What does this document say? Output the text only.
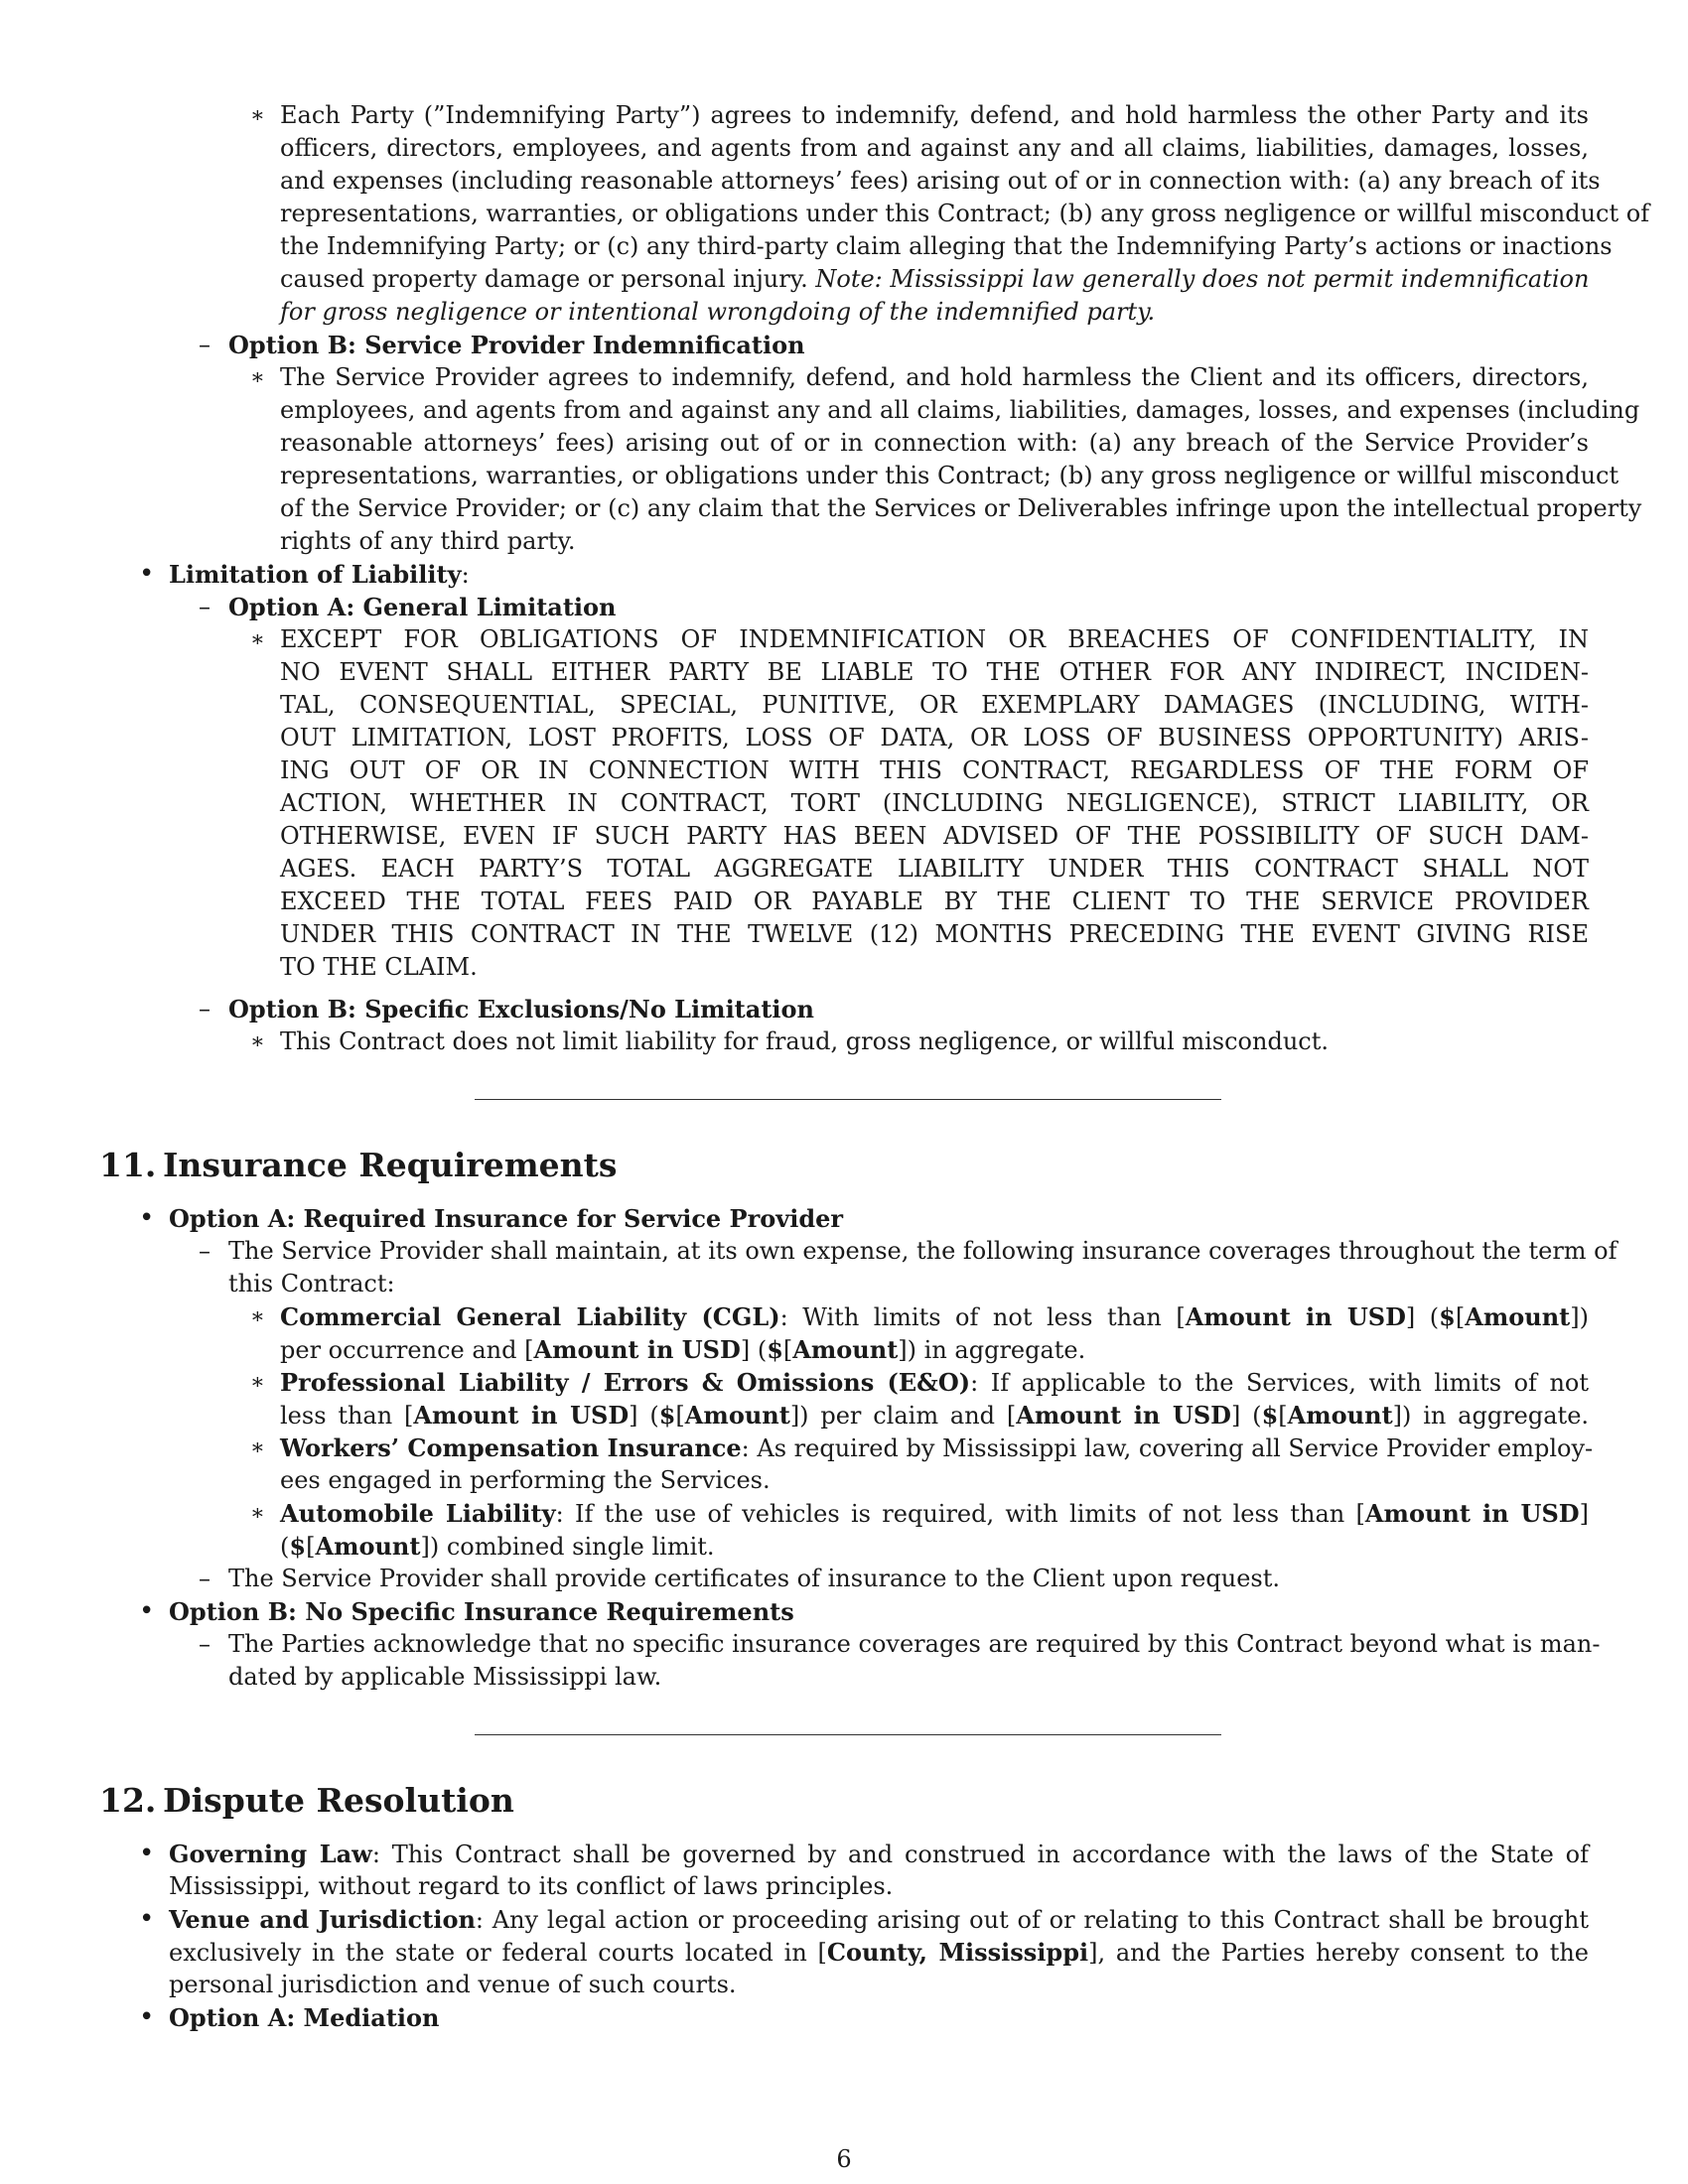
∗ Each Party (”Indemnifying Party”) agrees to indemnify, defend, and hold harmless the other Party and its
officers, directors, employees, and agents from and against any and all claims, liabilities, damages, losses,
and expenses (including reasonable attorneys’ fees) arising out of or in connection with: (a) any breach of its
representations, warranties, or obligations under this Contract; (b) any gross negligence or willful misconduct of
the Indemnifying Party; or (c) any third-party claim alleging that the Indemnifying Party’s actions or inactions
caused property damage or personal injury. Note: Mississippi law generally does not permit indemnification
for gross negligence or intentional wrongdoing of the indemnified party.
– Option B: Service Provider Indemnification
∗ The Service Provider agrees to indemnify, defend, and hold harmless the Client and its officers, directors,
employees, and agents from and against any and all claims, liabilities, damages, losses, and expenses (including
reasonable attorneys’ fees) arising out of or in connection with: (a) any breach of the Service Provider’s
representations, warranties, or obligations under this Contract; (b) any gross negligence or willful misconduct
of the Service Provider; or (c) any claim that the Services or Deliverables infringe upon the intellectual property
rights of any third party.
• Limitation of Liability:
– Option A: General Limitation
∗ EXCEPT FOR OBLIGATIONS OF INDEMNIFICATION OR BREACHES OF CONFIDENTIALITY, IN
NO EVENT SHALL EITHER PARTY BE LIABLE TO THE OTHER FOR ANY INDIRECT, INCIDEN-
TAL, CONSEQUENTIAL, SPECIAL, PUNITIVE, OR EXEMPLARY DAMAGES (INCLUDING, WITH-
OUT LIMITATION, LOST PROFITS, LOSS OF DATA, OR LOSS OF BUSINESS OPPORTUNITY) ARIS-
ING OUT OF OR IN CONNECTION WITH THIS CONTRACT, REGARDLESS OF THE FORM OF
ACTION, WHETHER IN CONTRACT, TORT (INCLUDING NEGLIGENCE), STRICT LIABILITY, OR
OTHERWISE, EVEN IF SUCH PARTY HAS BEEN ADVISED OF THE POSSIBILITY OF SUCH DAM-
AGES. EACH PARTY’S TOTAL AGGREGATE LIABILITY UNDER THIS CONTRACT SHALL NOT
EXCEED THE TOTAL FEES PAID OR PAYABLE BY THE CLIENT TO THE SERVICE PROVIDER
UNDER THIS CONTRACT IN THE TWELVE (12) MONTHS PRECEDING THE EVENT GIVING RISE
TO THE CLAIM.
– Option B: Specific Exclusions/No Limitation
∗ This Contract does not limit liability for fraud, gross negligence, or willful misconduct.
11. Insurance Requirements
• Option A: Required Insurance for Service Provider
– The Service Provider shall maintain, at its own expense, the following insurance coverages throughout the term of
this Contract:
∗ Commercial General Liability (CGL): With limits of not less than [Amount in USD] ($[Amount])
per occurrence and [Amount in USD] ($[Amount]) in aggregate.
∗ Professional Liability / Errors & Omissions (E&O): If applicable to the Services, with limits of not
less than [Amount in USD] ($[Amount]) per claim and [Amount in USD] ($[Amount]) in aggregate.
∗ Workers’ Compensation Insurance: As required by Mississippi law, covering all Service Provider employ-
ees engaged in performing the Services.
∗ Automobile Liability: If the use of vehicles is required, with limits of not less than [Amount in USD]
($[Amount]) combined single limit.
– The Service Provider shall provide certificates of insurance to the Client upon request.
• Option B: No Specific Insurance Requirements
– The Parties acknowledge that no specific insurance coverages are required by this Contract beyond what is man-
dated by applicable Mississippi law.
12. Dispute Resolution
• Governing Law: This Contract shall be governed by and construed in accordance with the laws of the State of
Mississippi, without regard to its conflict of laws principles.
• Venue and Jurisdiction: Any legal action or proceeding arising out of or relating to this Contract shall be brought
exclusively in the state or federal courts located in [County, Mississippi], and the Parties hereby consent to the
personal jurisdiction and venue of such courts.
• Option A: Mediation
6
